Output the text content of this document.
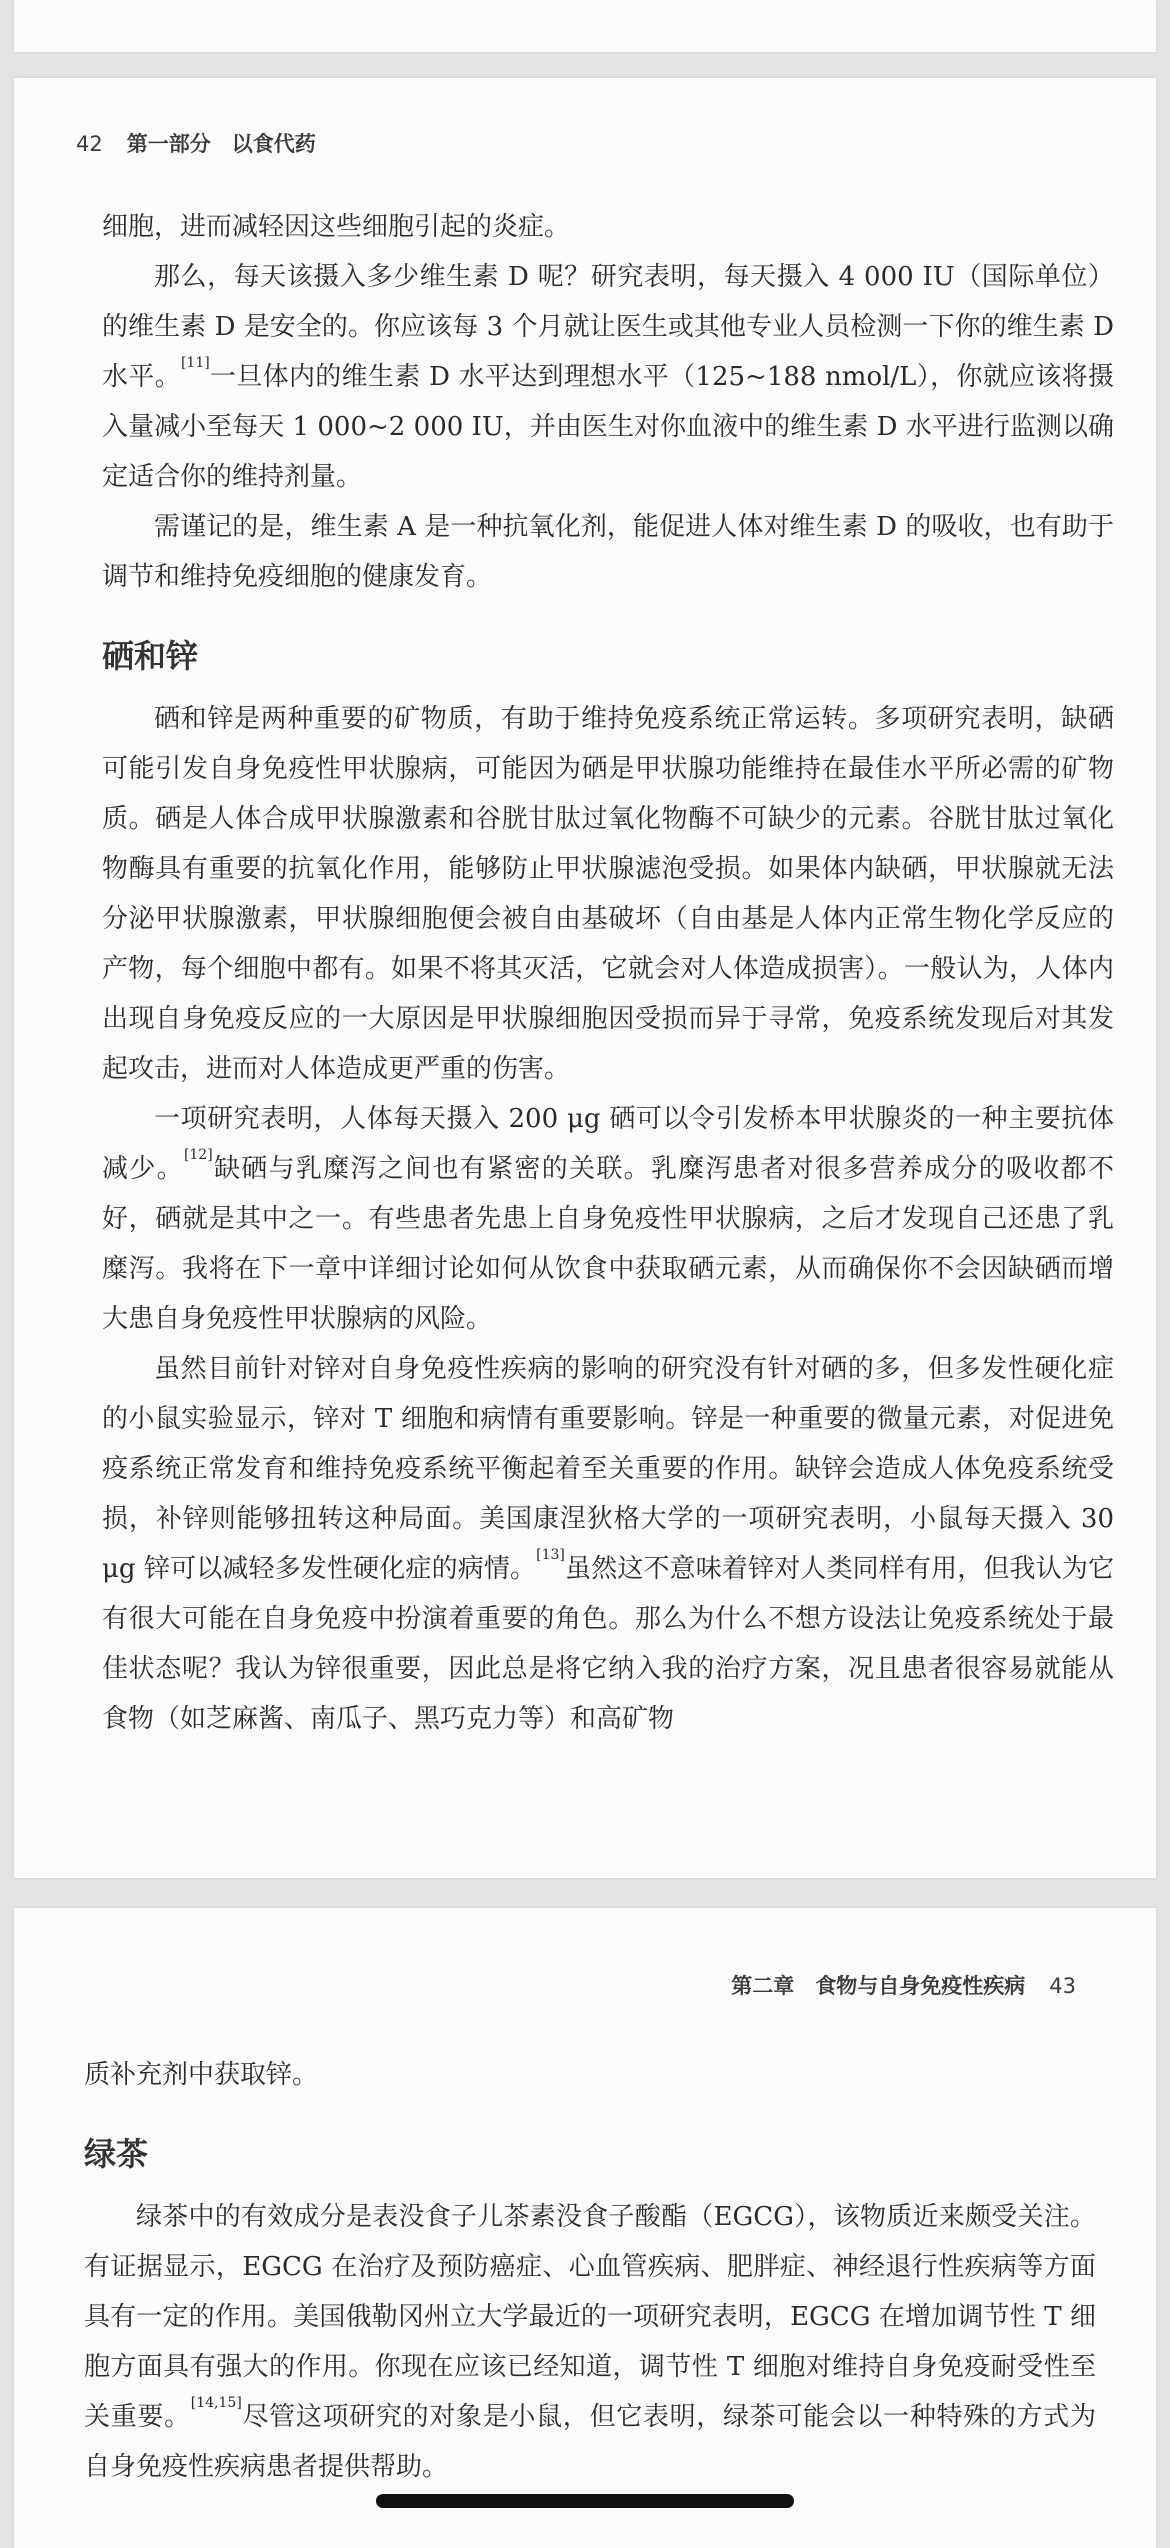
42 第一部分　以食代药

细胞，进而减轻因这些细胞引起的炎症。

那么，每天该摄入多少维生素 D 呢？研究表明，每天摄入 4 000 IU（国际单位）的维生素 D 是安全的。你应该每 3 个月就让医生或其他专业人员检测一下你的维生素 D 水平。[11]一旦体内的维生素 D 水平达到理想水平（125~188 nmol/L），你就应该将摄入量减小至每天 1 000~2 000 IU，并由医生对你血液中的维生素 D 水平进行监测以确定适合你的维持剂量。

需谨记的是，维生素 A 是一种抗氧化剂，能促进人体对维生素 D 的吸收，也有助于调节和维持免疫细胞的健康发育。

硒和锌

硒和锌是两种重要的矿物质，有助于维持免疫系统正常运转。多项研究表明，缺硒可能引发自身免疫性甲状腺病，可能因为硒是甲状腺功能维持在最佳水平所必需的矿物质。硒是人体合成甲状腺激素和谷胱甘肽过氧化物酶不可缺少的元素。谷胱甘肽过氧化物酶具有重要的抗氧化作用，能够防止甲状腺滤泡受损。如果体内缺硒，甲状腺就无法分泌甲状腺激素，甲状腺细胞便会被自由基破坏（自由基是人体内正常生物化学反应的产物，每个细胞中都有。如果不将其灭活，它就会对人体造成损害）。一般认为，人体内出现自身免疫反应的一大原因是甲状腺细胞因受损而异于寻常，免疫系统发现后对其发起攻击，进而对人体造成更严重的伤害。

一项研究表明，人体每天摄入 200 μg 硒可以令引发桥本甲状腺炎的一种主要抗体减少。[12]缺硒与乳糜泻之间也有紧密的关联。乳糜泻患者对很多营养成分的吸收都不好，硒就是其中之一。有些患者先患上自身免疫性甲状腺病，之后才发现自己还患了乳糜泻。我将在下一章中详细讨论如何从饮食中获取硒元素，从而确保你不会因缺硒而增大患自身免疫性甲状腺病的风险。

虽然目前针对锌对自身免疫性疾病的影响的研究没有针对硒的多，但多发性硬化症的小鼠实验显示，锌对 T 细胞和病情有重要影响。锌是一种重要的微量元素，对促进免疫系统正常发育和维持免疫系统平衡起着至关重要的作用。缺锌会造成人体免疫系统受损，补锌则能够扭转这种局面。美国康涅狄格大学的一项研究表明，小鼠每天摄入 30 μg 锌可以减轻多发性硬化症的病情。[13]虽然这不意味着锌对人类同样有用，但我认为它有很大可能在自身免疫中扮演着重要的角色。那么为什么不想方设法让免疫系统处于最佳状态呢？我认为锌很重要，因此总是将它纳入我的治疗方案，况且患者很容易就能从食物（如芝麻酱、南瓜子、黑巧克力等）和高矿物

第二章　食物与自身免疫性疾病 43

质补充剂中获取锌。

绿茶

绿茶中的有效成分是表没食子儿茶素没食子酸酯（EGCG），该物质近来颇受关注。有证据显示，EGCG 在治疗及预防癌症、心血管疾病、肥胖症、神经退行性疾病等方面具有一定的作用。美国俄勒冈州立大学最近的一项研究表明，EGCG 在增加调节性 T 细胞方面具有强大的作用。你现在应该已经知道，调节性 T 细胞对维持自身免疫耐受性至关重要。[14,15]尽管这项研究的对象是小鼠，但它表明，绿茶可能会以一种特殊的方式为自身免疫性疾病患者提供帮助。
